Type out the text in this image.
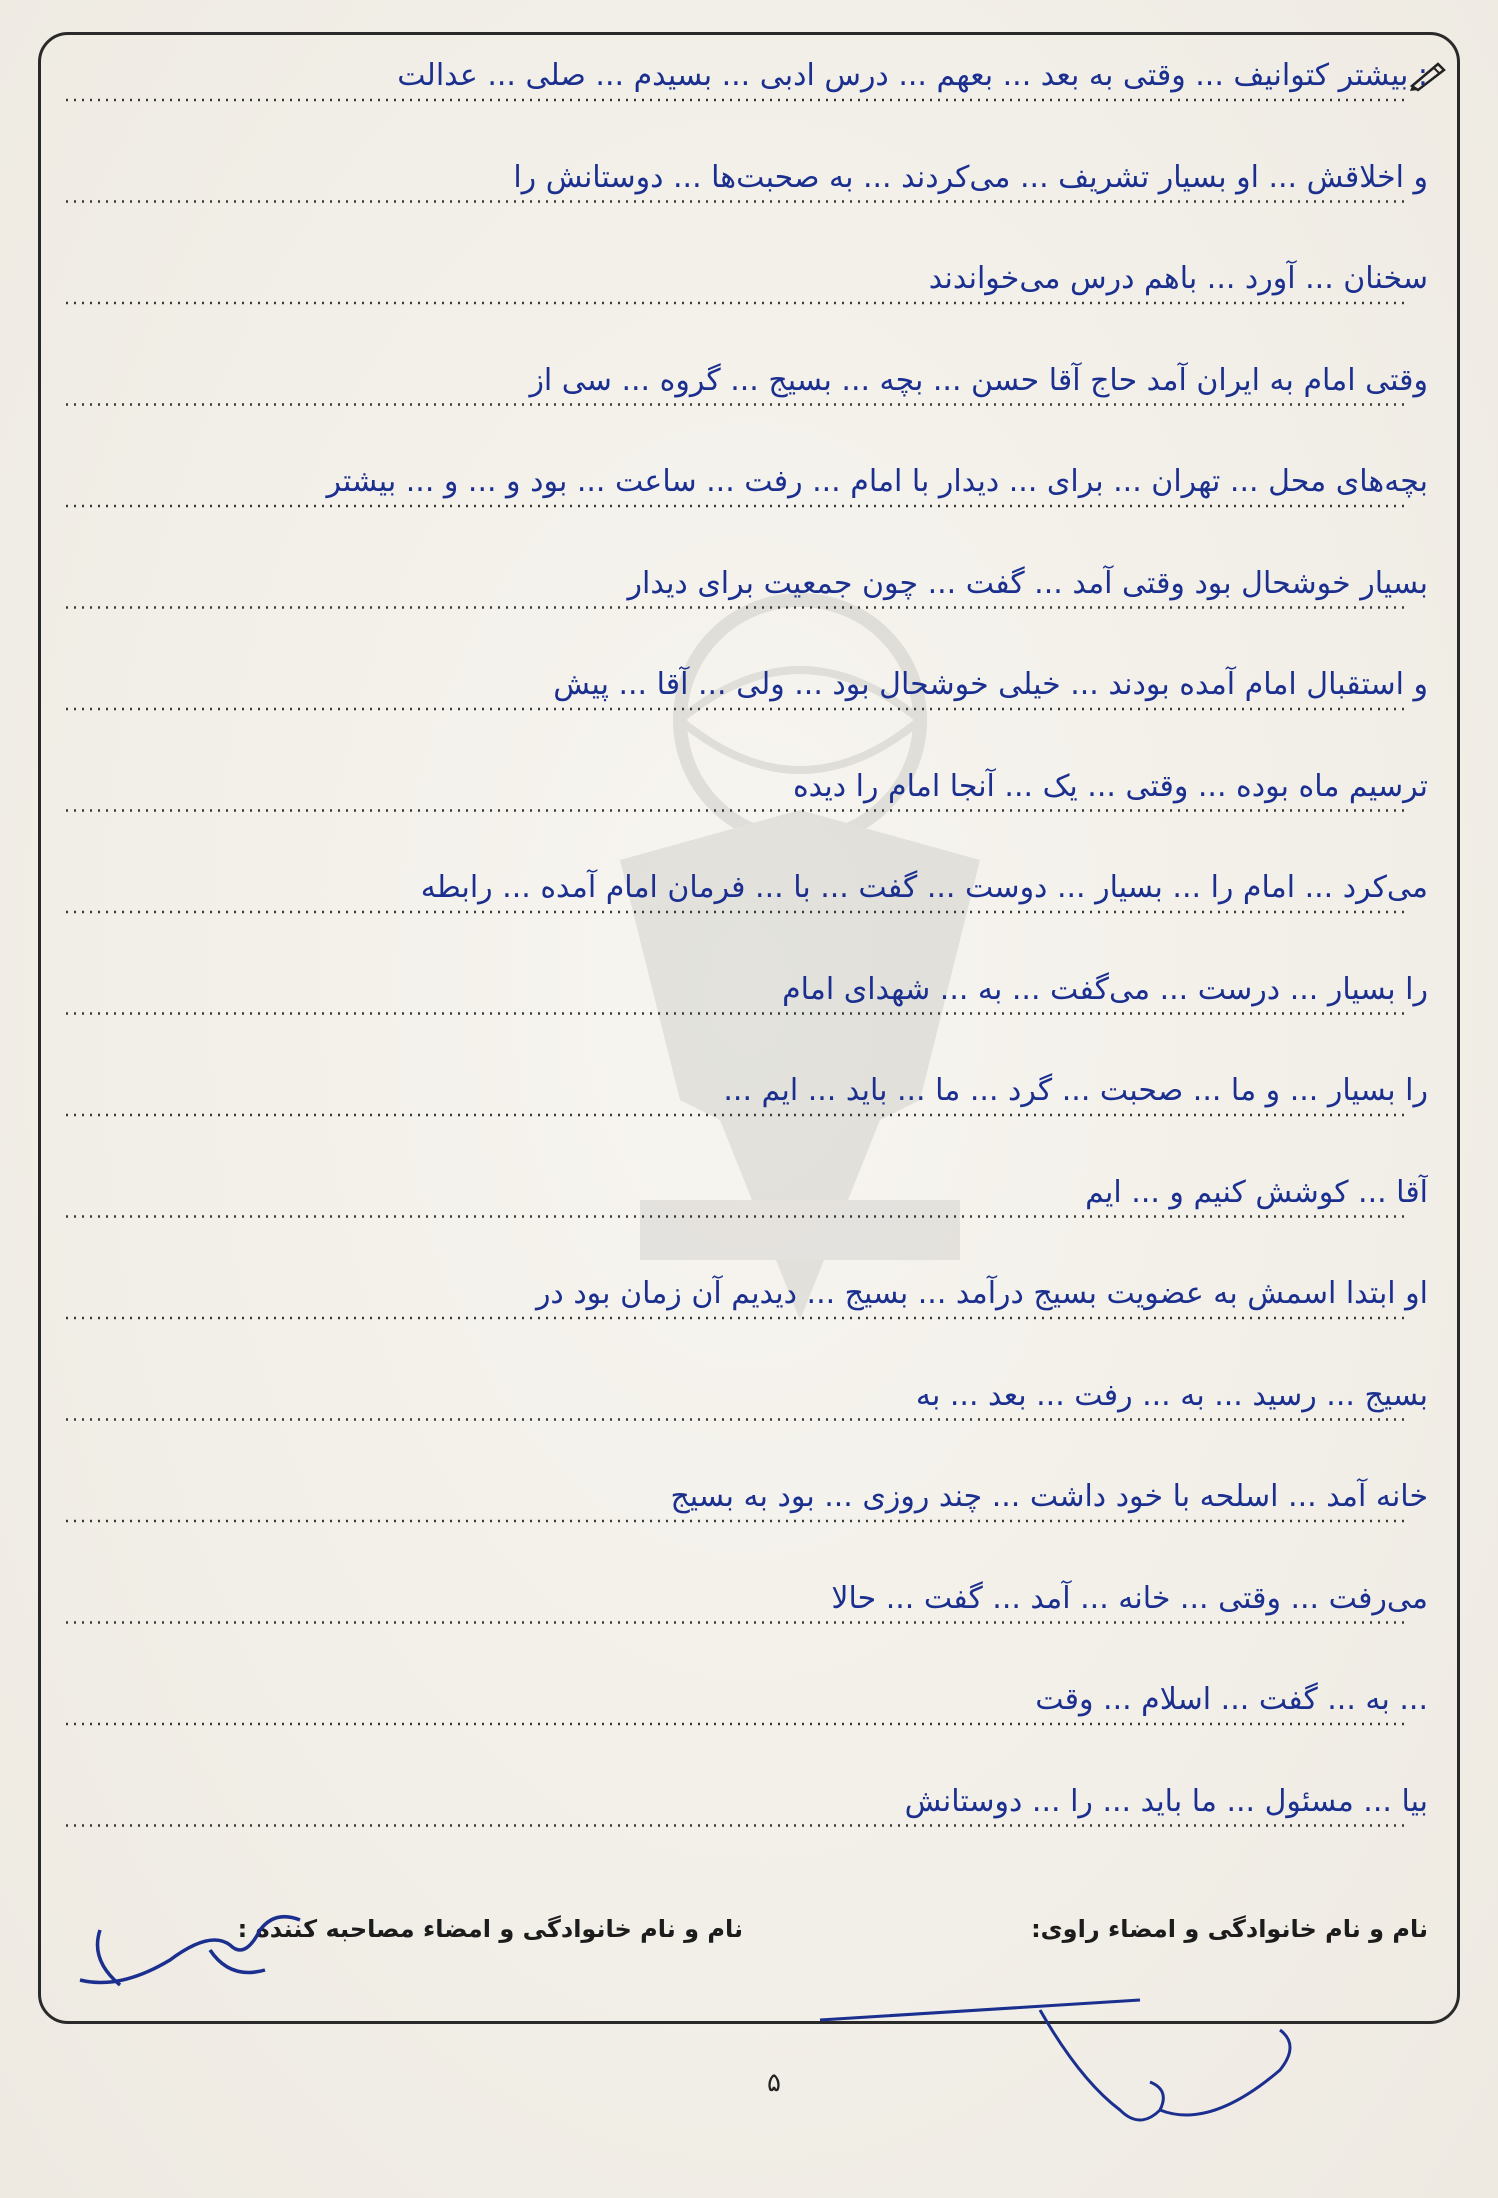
: بیشتر کتوانیف ... وقتی به بعد ... بعهم ... درس ادبی ... بسیدم ... صلی ... عدالت
و اخلاقش ... او بسیار تشریف ... می‌کردند ... به صحبت‌ها ... دوستانش را
سخنان ... آورد ... باهم درس می‌خواندند
وقتی امام به ایران آمد حاج آقا حسن ... بچه ... بسیج ... گروه ... سی از
بچه‌های محل ... تهران ... برای ... دیدار با امام ... رفت ... ساعت ... بود و ... و ... بیشتر
بسیار خوشحال بود وقتی آمد ... گفت ... چون جمعیت برای دیدار
و استقبال امام آمده بودند ... خیلی خوشحال بود ... ولی ... آقا ... پیش
ترسیم ماه بوده ... وقتی ... یک ... آنجا امام را دیده
می‌کرد ... امام را ... بسیار ... دوست ... گفت ... با ... فرمان امام آمده ... رابطه
را بسیار ... درست ... می‌گفت ... به ... شهدای امام
را بسیار ... و ما ... صحبت ... گرد ... ما ... باید ... ایم ...
آقا ... کوشش کنیم و ... ایم
او ابتدا اسمش به عضویت بسیج درآمد ... بسیج ... دیدیم آن زمان بود در
بسیج ... رسید ... به ... رفت ... بعد ... به
خانه آمد ... اسلحه با خود داشت ... چند روزی ... بود به بسیج
می‌رفت ... وقتی ... خانه ... آمد ... گفت ... حالا
... به ... گفت ... اسلام ... وقت
بیا ... مسئول ... ما باید ... را ... دوستانش
نام و نام خانوادگی و امضاء راوی:
نام و نام خانوادگی و امضاء مصاحبه کننده :
۵
